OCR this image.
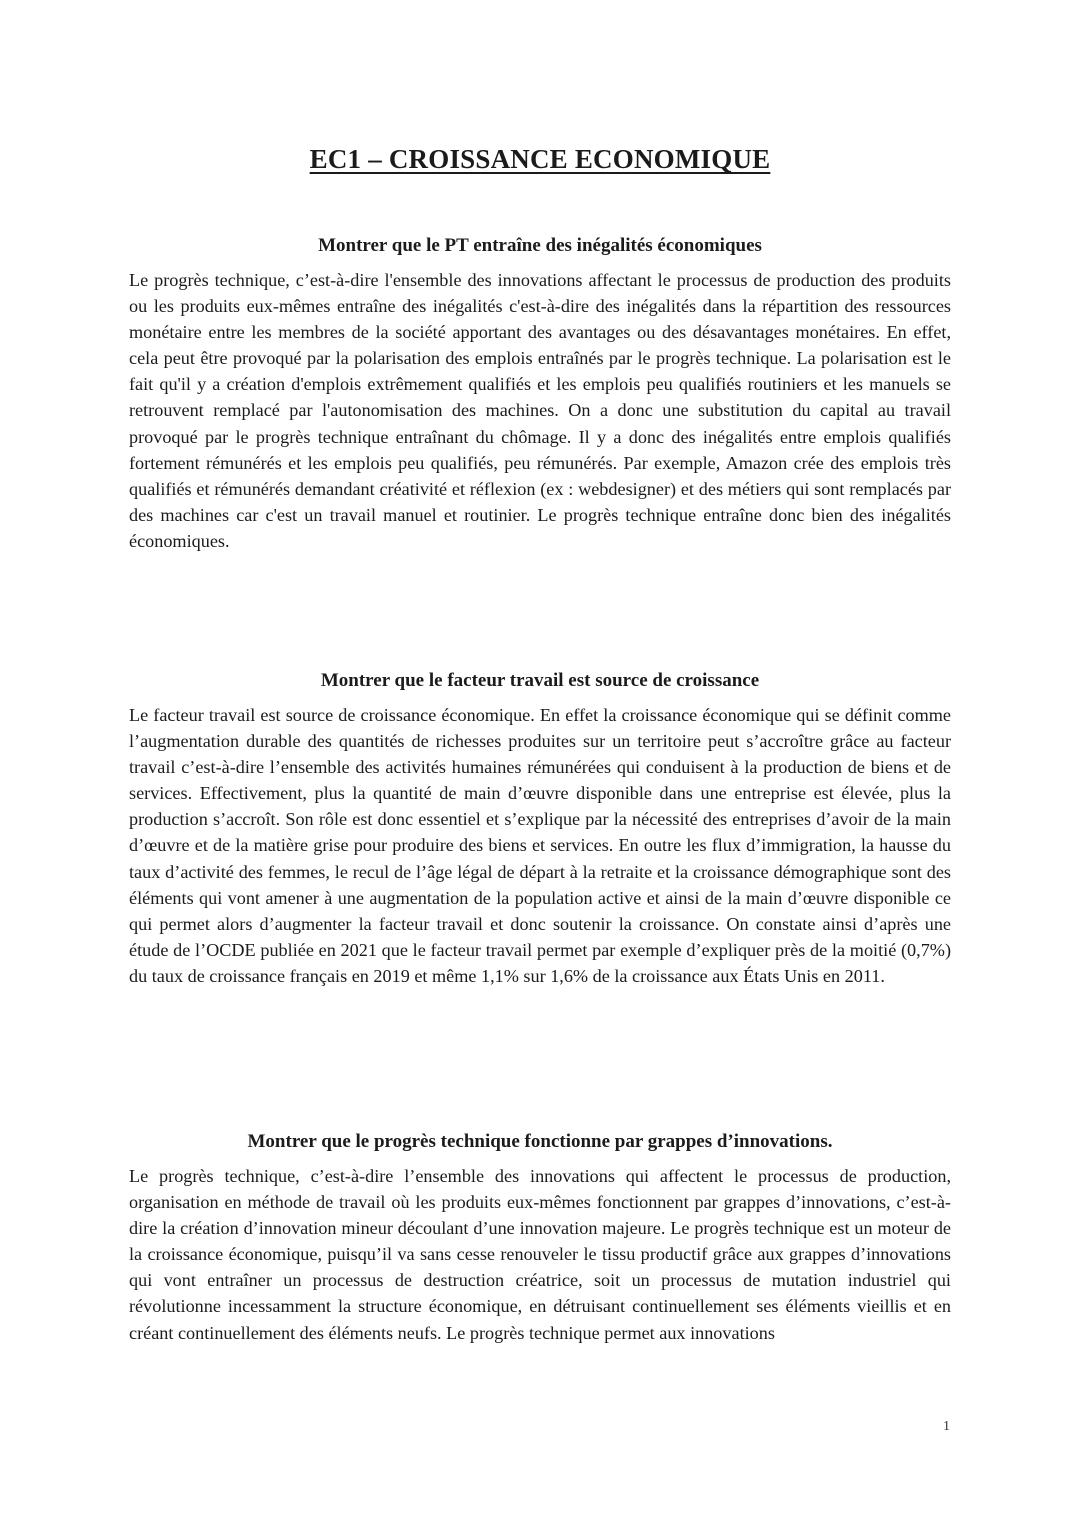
EC1 – CROISSANCE ECONOMIQUE
Montrer que le PT entraîne des inégalités économiques

Le progrès technique, c’est-à-dire l'ensemble des innovations affectant le processus de production des produits ou les produits eux-mêmes entraîne des inégalités c'est-à-dire des inégalités dans la répartition des ressources monétaire entre les membres de la société apportant des avantages ou des désavantages monétaires. En effet, cela peut être provoqué par la polarisation des emplois entraînés par le progrès technique. La polarisation est le fait qu'il y a création d'emplois extrêmement qualifiés et les emplois peu qualifiés routiniers et les manuels se retrouvent remplacé par l'autonomisation des machines. On a donc une substitution du capital au travail provoqué par le progrès technique entraînant du chômage. Il y a donc des inégalités entre emplois qualifiés fortement rémunérés et les emplois peu qualifiés, peu rémunérés. Par exemple, Amazon crée des emplois très qualifiés et rémunérés demandant créativité et réflexion (ex : webdesigner) et des métiers qui sont remplacés par des machines car c'est un travail manuel et routinier. Le progrès technique entraîne donc bien des inégalités économiques.

Montrer que le facteur travail est source de croissance

Le facteur travail est source de croissance économique. En effet la croissance économique qui se définit comme l’augmentation durable des quantités de richesses produites sur un territoire peut s’accroître grâce au facteur travail c’est-à-dire l’ensemble des activités humaines rémunérées qui conduisent à la production de biens et de services. Effectivement, plus la quantité de main d’œuvre disponible dans une entreprise est élevée, plus la production s’accroît. Son rôle est donc essentiel et s’explique par la nécessité des entreprises d’avoir de la main d’œuvre et de la matière grise pour produire des biens et services. En outre les flux d’immigration, la hausse du taux d’activité des femmes, le recul de l’âge légal de départ à la retraite et la croissance démographique sont des éléments qui vont amener à une augmentation de la population active et ainsi de la main d’œuvre disponible ce qui permet alors d’augmenter la facteur travail et donc soutenir la croissance. On constate ainsi d’après une étude de l’OCDE publiée en 2021 que le facteur travail permet par exemple d’expliquer près de la moitié (0,7%) du taux de croissance français en 2019 et même 1,1% sur 1,6% de la croissance aux États Unis en 2011.

Montrer que le progrès technique fonctionne par grappes d’innovations.

Le progrès technique, c’est-à-dire l’ensemble des innovations qui affectent le processus de production, organisation en méthode de travail où les produits eux-mêmes fonctionnent par grappes d’innovations, c’est-à-dire la création d’innovation mineur découlant d’une innovation majeure. Le progrès technique est un moteur de la croissance économique, puisqu’il va sans cesse renouveler le tissu productif grâce aux grappes d’innovations qui vont entraîner un processus de destruction créatrice, soit un processus de mutation industriel qui révolutionne incessamment la structure économique, en détruisant continuellement ses éléments vieillis et en créant continuellement des éléments neufs. Le progrès technique permet aux innovations

1
